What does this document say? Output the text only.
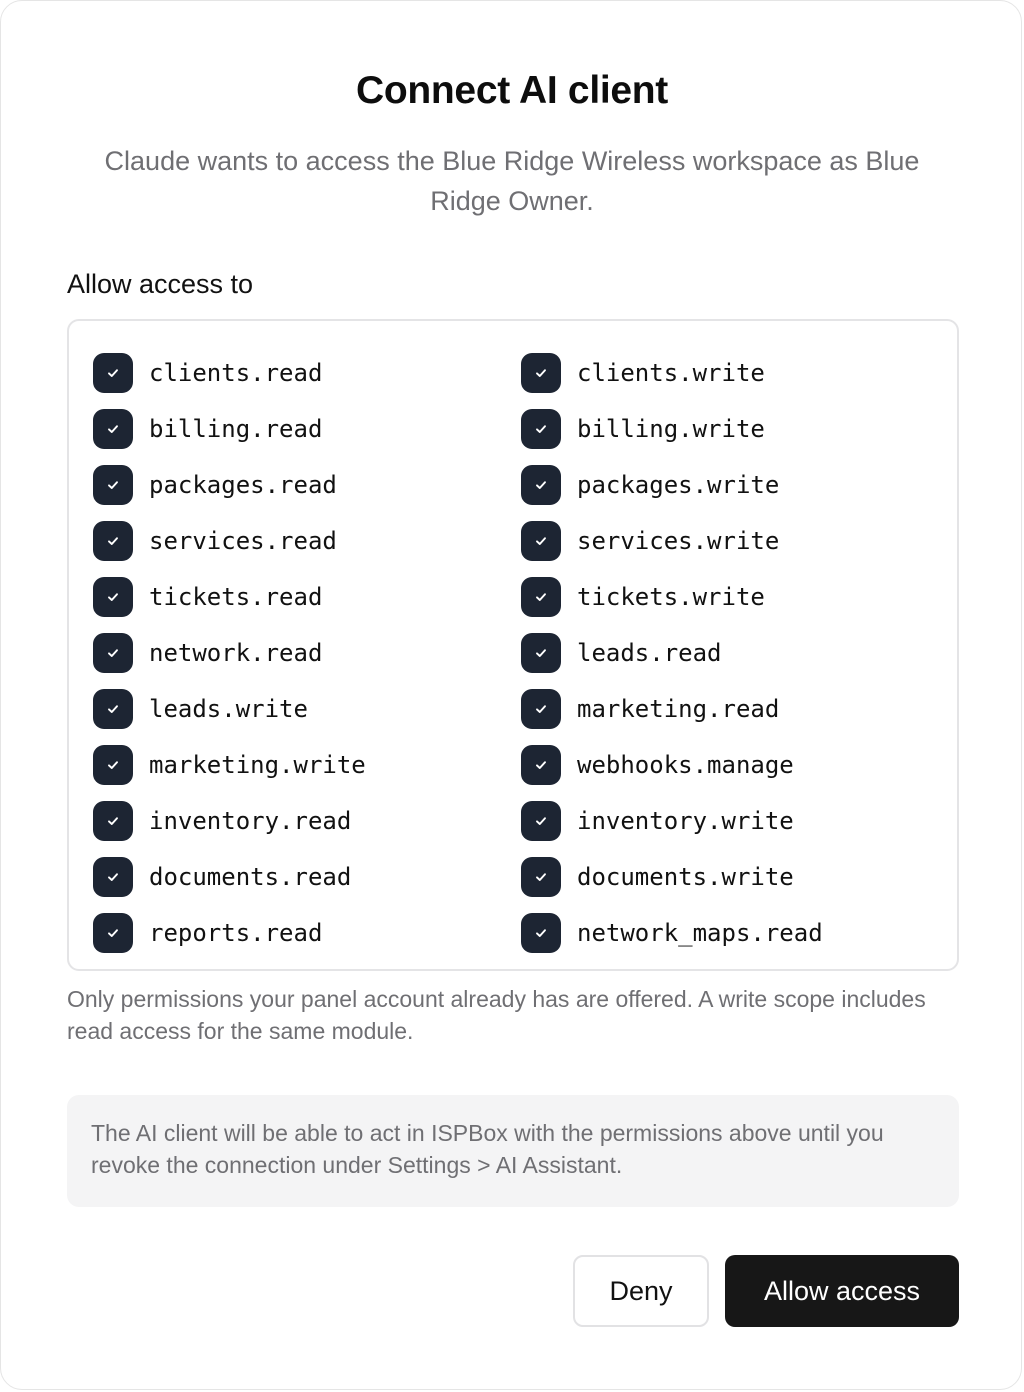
Connect AI client
Claude wants to access the Blue Ridge Wireless workspace as Blue Ridge Owner.
Allow access to
clients.read	clients.write
billing.read	billing.write
packages.read	packages.write
services.read	services.write
tickets.read	tickets.write
network.read	leads.read
leads.write	marketing.read
marketing.write	webhooks.manage
inventory.read	inventory.write
documents.read	documents.write
reports.read	network_maps.read
Only permissions your panel account already has are offered. A write scope includes read access for the same module.
The AI client will be able to act in ISPBox with the permissions above until you revoke the connection under Settings > AI Assistant.
Deny	Allow access
